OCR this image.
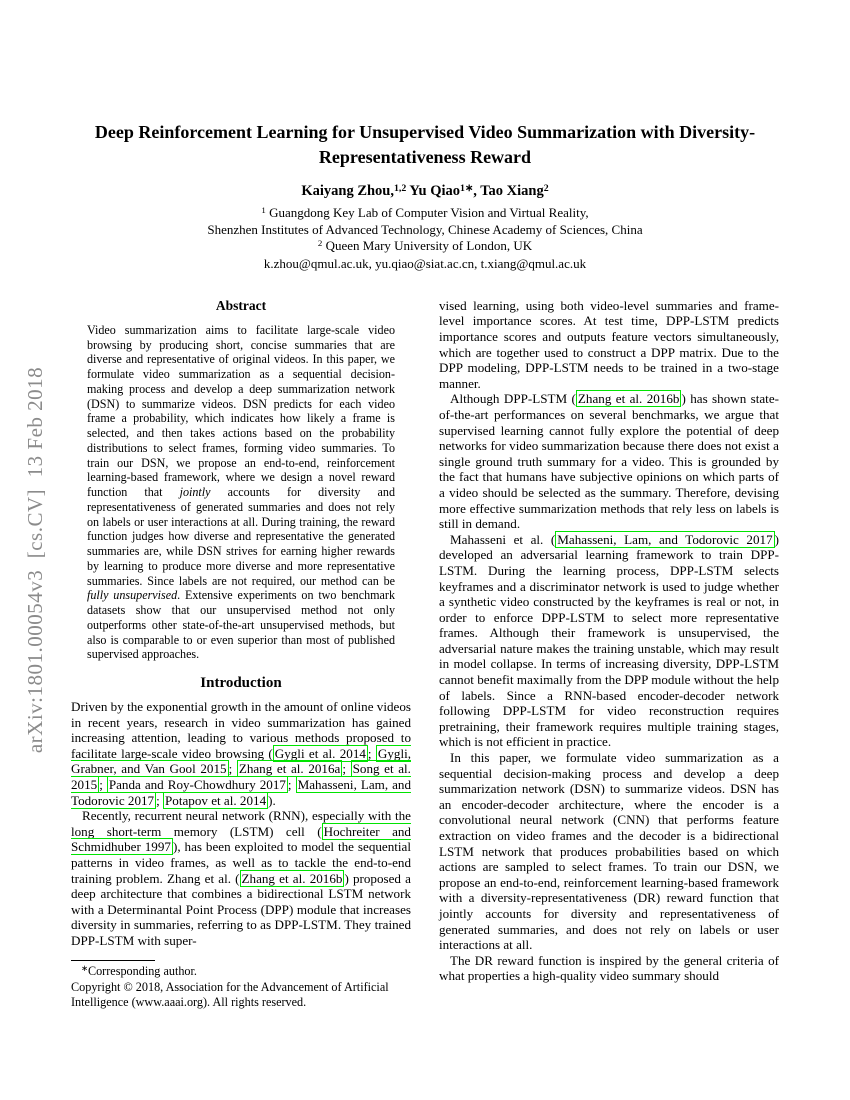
arXiv:1801.00054v3  [cs.CV]  13 Feb 2018
Deep Reinforcement Learning for Unsupervised Video Summarization with Diversity-Representativeness Reward
Kaiyang Zhou,$^{1,2}$ Yu Qiao$^{1∗}$, Tao Xiang$^2$
$^1$ Guangdong Key Lab of Computer Vision and Virtual Reality,
Shenzhen Institutes of Advanced Technology, Chinese Academy of Sciences, China
$^2$ Queen Mary University of London, UK
k.zhou@qmul.ac.uk, yu.qiao@siat.ac.cn, t.xiang@qmul.ac.uk
Abstract
Video summarization aims to facilitate large-scale video browsing by producing short, concise summaries that are diverse and representative of original videos. In this paper, we formulate video summarization as a sequential decision-making process and develop a deep summarization network (DSN) to summarize videos. DSN predicts for each video frame a probability, which indicates how likely a frame is selected, and then takes actions based on the probability distributions to select frames, forming video summaries. To train our DSN, we propose an end-to-end, reinforcement learning-based framework, where we design a novel reward function that jointly accounts for diversity and representativeness of generated summaries and does not rely on labels or user interactions at all. During training, the reward function judges how diverse and representative the generated summaries are, while DSN strives for earning higher rewards by learning to produce more diverse and more representative summaries. Since labels are not required, our method can be fully unsupervised. Extensive experiments on two benchmark datasets show that our unsupervised method not only outperforms other state-of-the-art unsupervised methods, but also is comparable to or even superior than most of published supervised approaches.
Introduction

Driven by the exponential growth in the amount of online videos in recent years, research in video summarization has gained increasing attention, leading to various methods proposed to facilitate large-scale video browsing ( Gygli et al. 2014 ; Gygli, Grabner, and Van Gool 2015 ; Zhang et al. 2016a ; Song et al. 2015 ; Panda and Roy-Chowdhury 2017 ; Mahasseni, Lam, and Todorovic 2017 ; Potapov et al. 2014 ).

Recently, recurrent neural network (RNN), especially with the long short-term memory (LSTM) cell ( Hochreiter and Schmidhuber 1997 ), has been exploited to model the sequential patterns in video frames, as well as to tackle the end-to-end training problem. Zhang et al. ( Zhang et al. 2016b ) proposed a deep architecture that combines a bidirectional LSTM network with a Determinantal Point Process (DPP) module that increases diversity in summaries, referring to as DPP-LSTM. They trained DPP-LSTM with super-

∗Corresponding author.
Copyright © 2018, Association for the Advancement of Artificial Intelligence (www.aaai.org). All rights reserved.

vised learning, using both video-level summaries and frame-level importance scores. At test time, DPP-LSTM predicts importance scores and outputs feature vectors simultaneously, which are together used to construct a DPP matrix. Due to the DPP modeling, DPP-LSTM needs to be trained in a two-stage manner.

Although DPP-LSTM ( Zhang et al. 2016b ) has shown state-of-the-art performances on several benchmarks, we argue that supervised learning cannot fully explore the potential of deep networks for video summarization because there does not exist a single ground truth summary for a video. This is grounded by the fact that humans have subjective opinions on which parts of a video should be selected as the summary. Therefore, devising more effective summarization methods that rely less on labels is still in demand.

Mahasseni et al. ( Mahasseni, Lam, and Todorovic 2017 ) developed an adversarial learning framework to train DPP-LSTM. During the learning process, DPP-LSTM selects keyframes and a discriminator network is used to judge whether a synthetic video constructed by the keyframes is real or not, in order to enforce DPP-LSTM to select more representative frames. Although their framework is unsupervised, the adversarial nature makes the training unstable, which may result in model collapse. In terms of increasing diversity, DPP-LSTM cannot benefit maximally from the DPP module without the help of labels. Since a RNN-based encoder-decoder network following DPP-LSTM for video reconstruction requires pretraining, their framework requires multiple training stages, which is not efficient in practice.

In this paper, we formulate video summarization as a sequential decision-making process and develop a deep summarization network (DSN) to summarize videos. DSN has an encoder-decoder architecture, where the encoder is a convolutional neural network (CNN) that performs feature extraction on video frames and the decoder is a bidirectional LSTM network that produces probabilities based on which actions are sampled to select frames. To train our DSN, we propose an end-to-end, reinforcement learning-based framework with a diversity-representativeness (DR) reward function that jointly accounts for diversity and representativeness of generated summaries, and does not rely on labels or user interactions at all.

The DR reward function is inspired by the general criteria of what properties a high-quality video summary should
